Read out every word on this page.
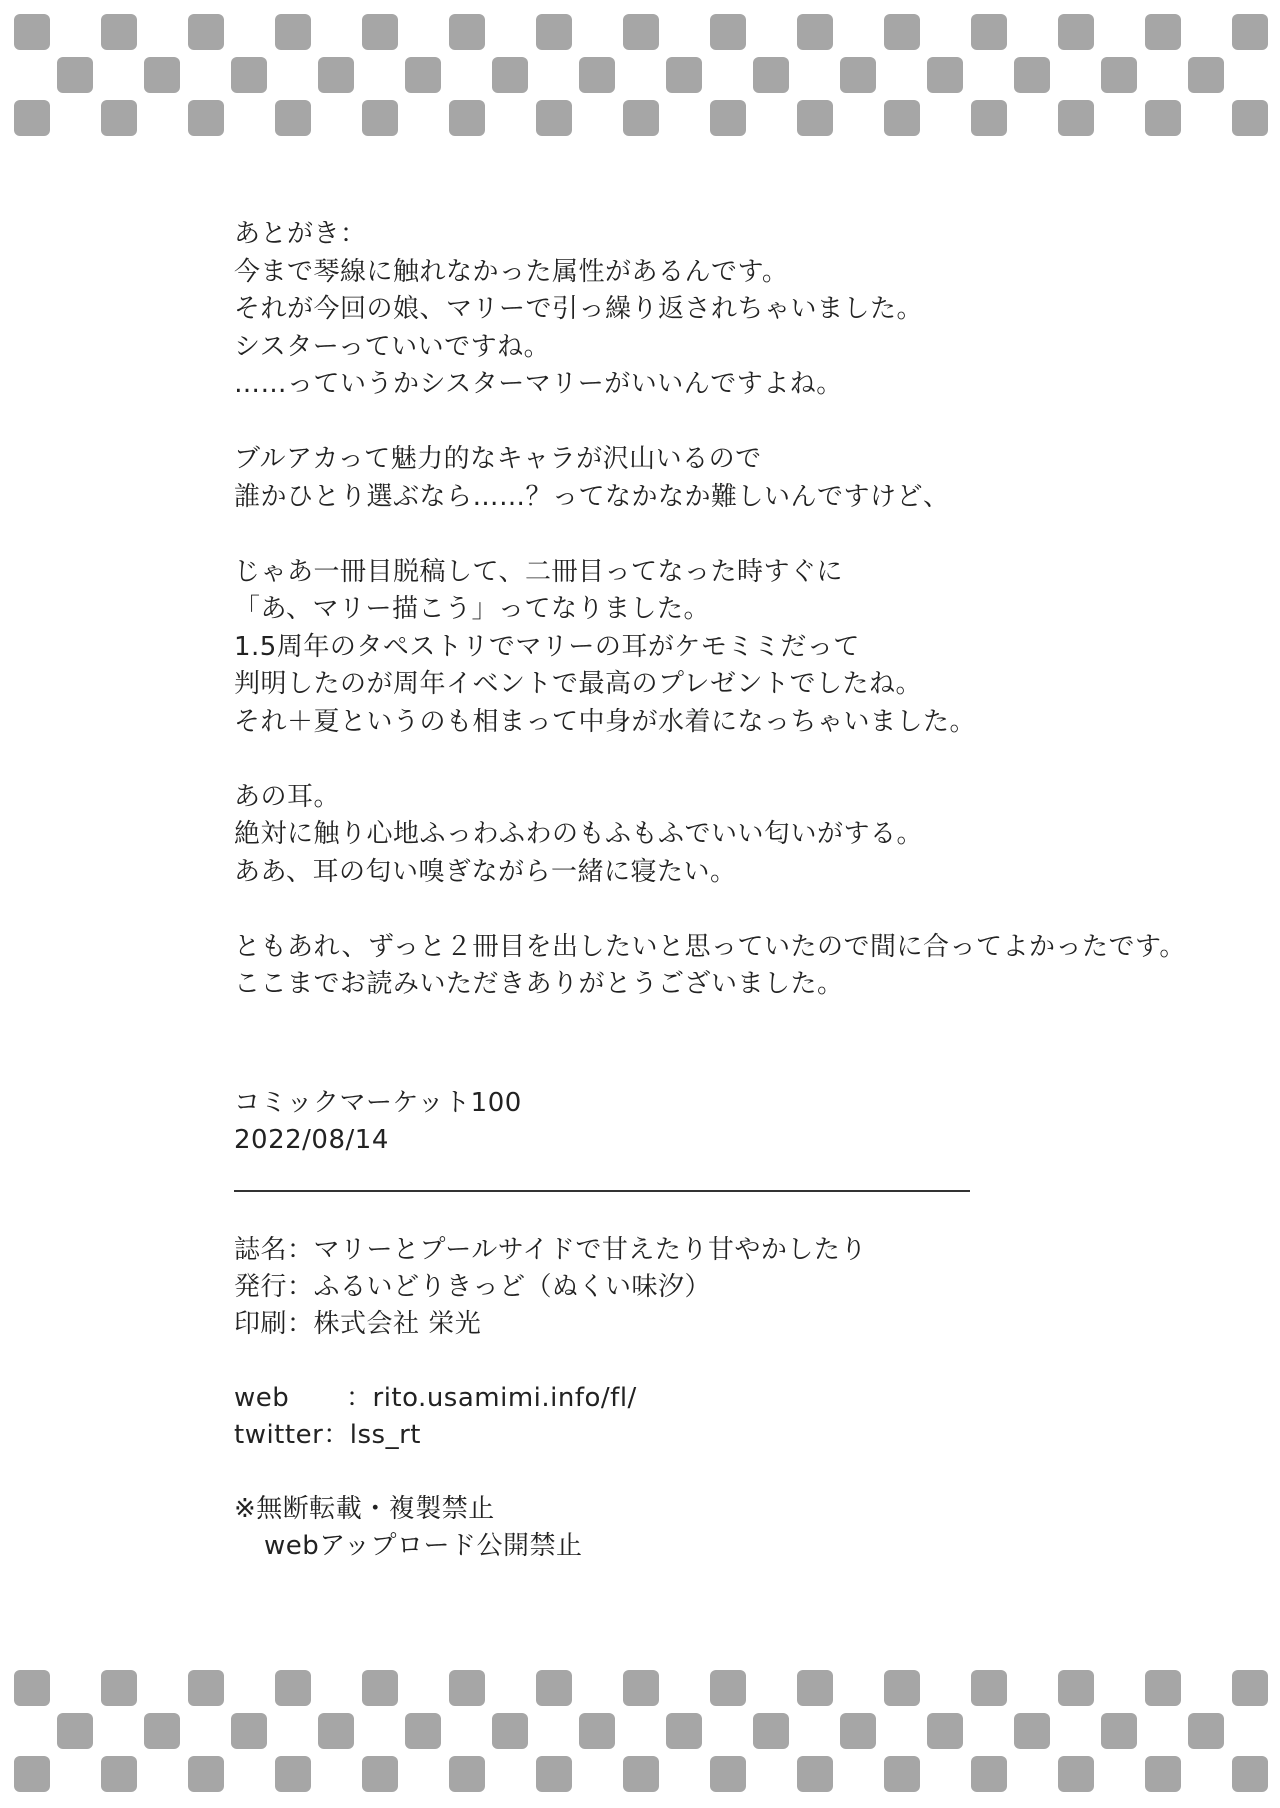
あとがき：
今まで琴線に触れなかった属性があるんです。
それが今回の娘、マリーで引っ繰り返されちゃいました。
シスターっていいですね。
……っていうかシスターマリーがいいんですよね。
ブルアカって魅力的なキャラが沢山いるので
誰かひとり選ぶなら……？ってなかなか難しいんですけど、
じゃあ一冊目脱稿して、二冊目ってなった時すぐに
「あ、マリー描こう」ってなりました。
1.5周年のタペストリでマリーの耳がケモミミだって
判明したのが周年イベントで最高のプレゼントでしたね。
それ＋夏というのも相まって中身が水着になっちゃいました。
あの耳。
絶対に触り心地ふっわふわのもふもふでいい匂いがする。
ああ、耳の匂い嗅ぎながら一緒に寝たい。
ともあれ、ずっと２冊目を出したいと思っていたので間に合ってよかったです。
ここまでお読みいただきありがとうございました。
コミックマーケット100
2022/08/14
誌名：マリーとプールサイドで甘えたり甘やかしたり
発行：ふるいどりきっど（ぬくい味汐）
印刷：株式会社 栄光
web ：rito.usamimi.info/fl/
twitter：lss_rt
※無断転載・複製禁止
webアップロード公開禁止
